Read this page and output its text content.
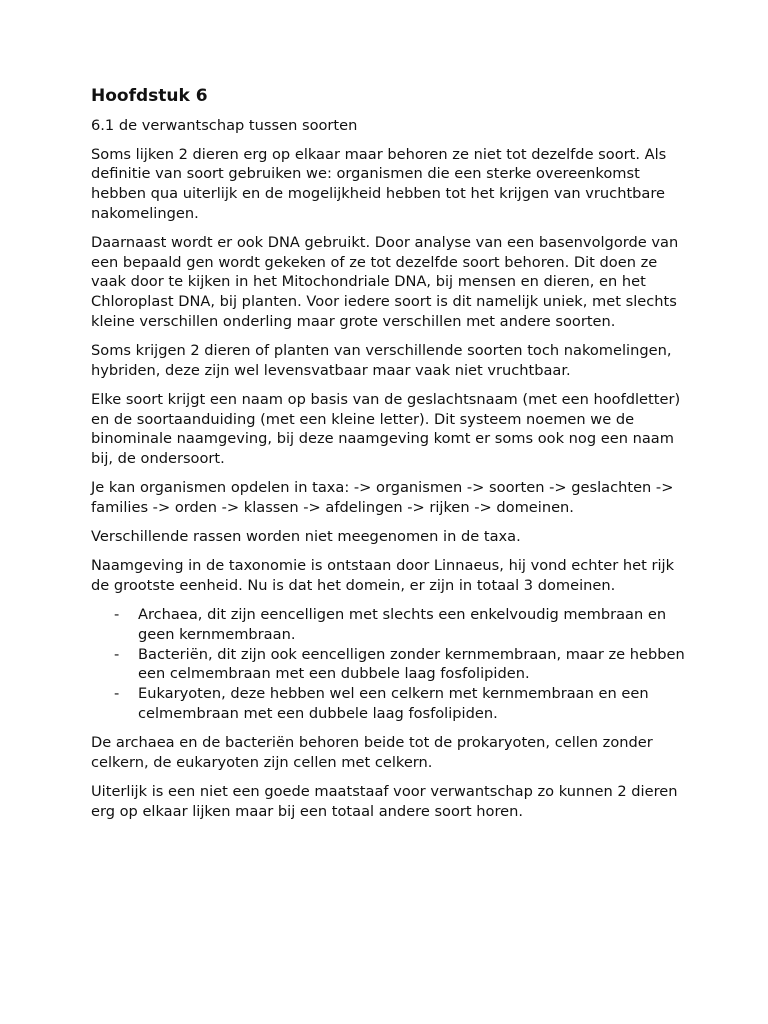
Hoofdstuk 6

6.1 de verwantschap tussen soorten

Soms lijken 2 dieren erg op elkaar maar behoren ze niet tot dezelfde soort. Als definitie van soort gebruiken we: organismen die een sterke overeenkomst hebben qua uiterlijk en de mogelijkheid hebben tot het krijgen van vruchtbare nakomelingen.

Daarnaast wordt er ook DNA gebruikt. Door analyse van een basenvolgorde van een bepaald gen wordt gekeken of ze tot dezelfde soort behoren. Dit doen ze vaak door te kijken in het Mitochondriale DNA, bij mensen en dieren, en het Chloroplast DNA, bij planten. Voor iedere soort is dit namelijk uniek, met slechts kleine verschillen onderling maar grote verschillen met andere soorten.

Soms krijgen 2 dieren of planten van verschillende soorten toch nakomelingen, hybriden, deze zijn wel levensvatbaar maar vaak niet vruchtbaar.

Elke soort krijgt een naam op basis van de geslachtsnaam (met een hoofdletter) en de soortaanduiding (met een kleine letter). Dit systeem noemen we de binominale naamgeving, bij deze naamgeving komt er soms ook nog een naam bij, de ondersoort.

Je kan organismen opdelen in taxa: -> organismen -> soorten -> geslachten -> families -> orden -> klassen -> afdelingen -> rijken -> domeinen.

Verschillende rassen worden niet meegenomen in de taxa.

Naamgeving in de taxonomie is ontstaan door Linnaeus, hij vond echter het rijk de grootste eenheid. Nu is dat het domein, er zijn in totaal 3 domeinen.

- Archaea, dit zijn eencelligen met slechts een enkelvoudig membraan en geen kernmembraan.
- Bacteriën, dit zijn ook eencelligen zonder kernmembraan, maar ze hebben een celmembraan met een dubbele laag fosfolipiden.
- Eukaryoten, deze hebben wel een celkern met kernmembraan en een celmembraan met een dubbele laag fosfolipiden.

De archaea en de bacteriën behoren beide tot de prokaryoten, cellen zonder celkern, de eukaryoten zijn cellen met celkern.

Uiterlijk is een niet een goede maatstaaf voor verwantschap zo kunnen 2 dieren erg op elkaar lijken maar bij een totaal andere soort horen.
